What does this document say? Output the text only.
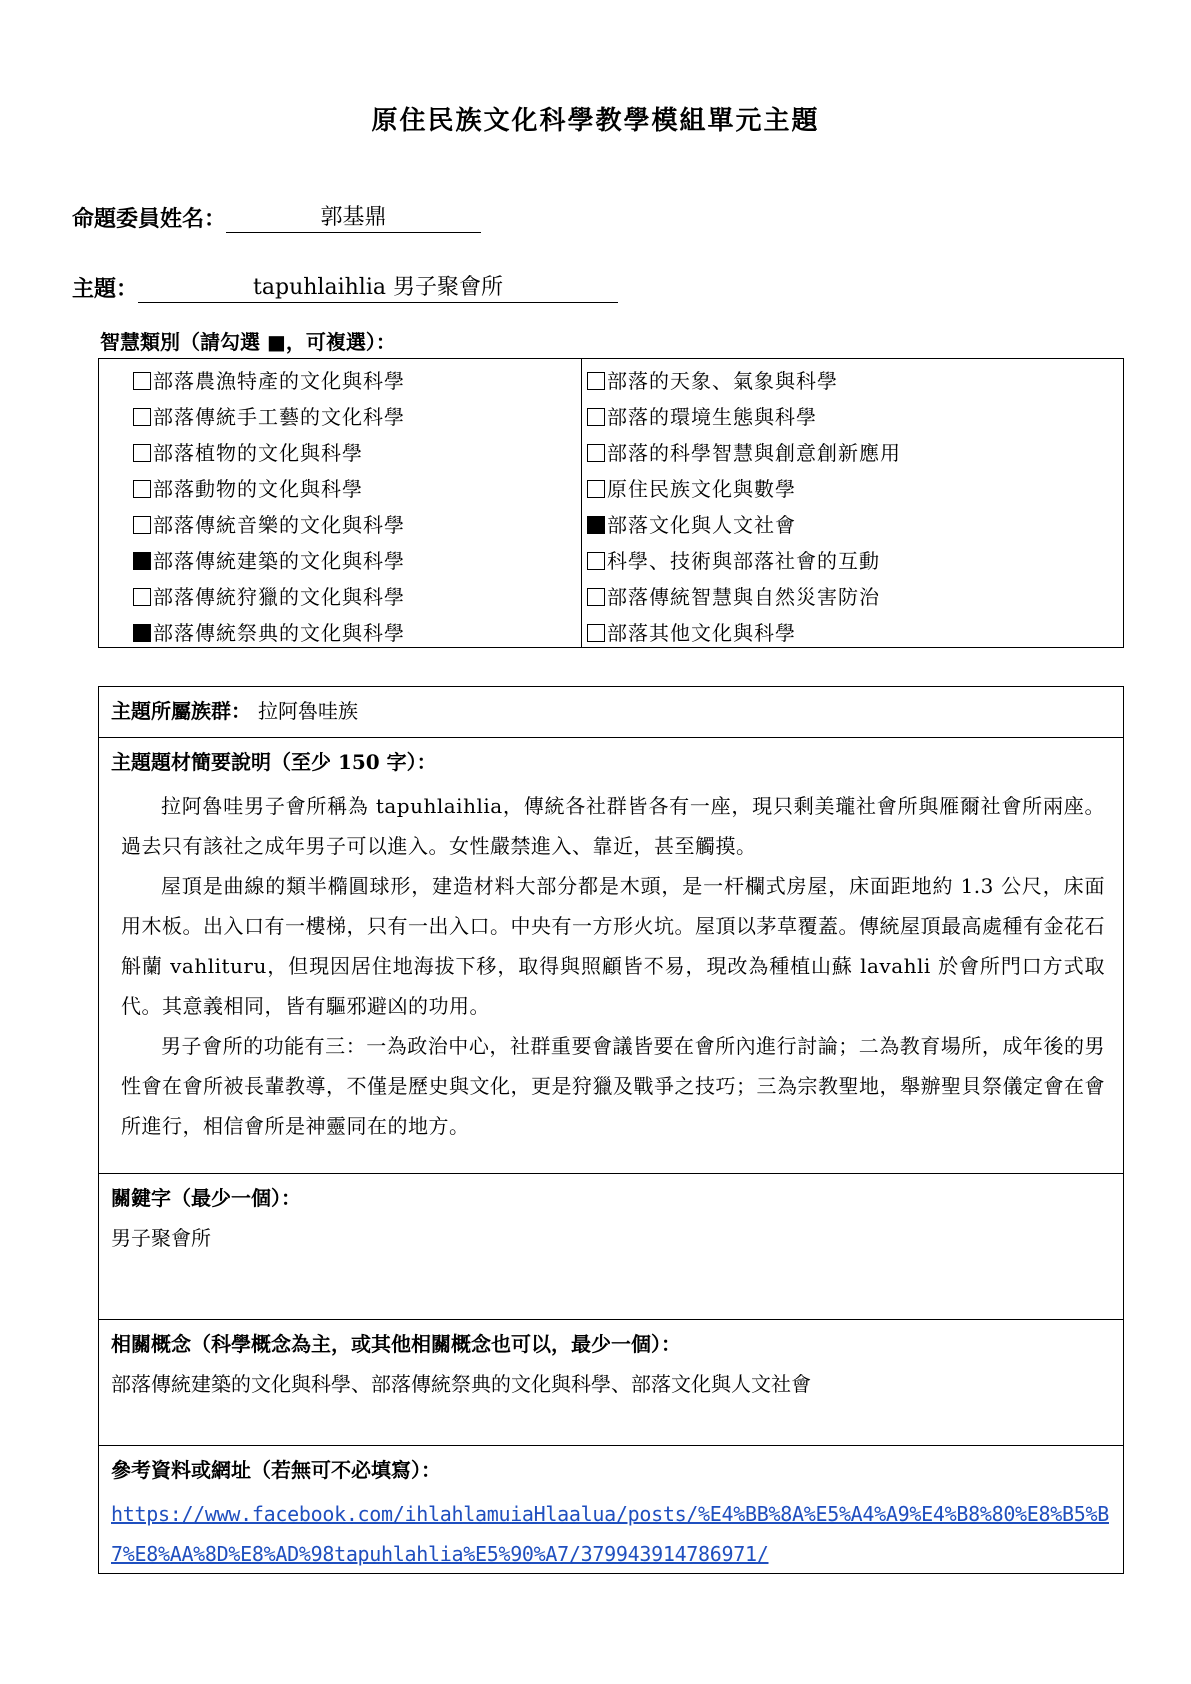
原住民族文化科學教學模組單元主題
命題委員姓名：	郭基鼎
主題：	tapuhlaihlia 男子聚會所
智慧類別（請勾選 ■，可複選）：
部落農漁特產的文化與科學
部落傳統手工藝的文化科學
部落植物的文化與科學
部落動物的文化與科學
部落傳統音樂的文化與科學
部落傳統建築的文化與科學
部落傳統狩獵的文化與科學
部落傳統祭典的文化與科學
部落的天象、氣象與科學
部落的環境生態與科學
部落的科學智慧與創意創新應用
原住民族文化與數學
部落文化與人文社會
科學、技術與部落社會的互動
部落傳統智慧與自然災害防治
部落其他文化與科學
主題所屬族群： 拉阿魯哇族
主題題材簡要說明（至少 150 字）：

拉阿魯哇男子會所稱為 tapuhlaihlia，傳統各社群皆各有一座，現只剩美瓏社會所與雁爾社會所兩座。過去只有該社之成年男子可以進入。女性嚴禁進入、靠近，甚至觸摸。

屋頂是曲線的類半橢圓球形，建造材料大部分都是木頭，是一杆欄式房屋，床面距地約 1.3 公尺，床面用木板。出入口有一樓梯，只有一出入口。中央有一方形火坑。屋頂以茅草覆蓋。傳統屋頂最高處種有金花石斛蘭 vahlituru，但現因居住地海拔下移，取得與照顧皆不易，現改為種植山蘇 lavahli 於會所門口方式取代。其意義相同，皆有驅邪避凶的功用。

男子會所的功能有三：一為政治中心，社群重要會議皆要在會所內進行討論；二為教育場所，成年後的男性會在會所被長輩教導，不僅是歷史與文化，更是狩獵及戰爭之技巧；三為宗教聖地，舉辦聖貝祭儀定會在會所進行，相信會所是神靈同在的地方。

關鍵字（最少一個）：
男子聚會所
相關概念（科學概念為主，或其他相關概念也可以，最少一個）：
部落傳統建築的文化與科學、部落傳統祭典的文化與科學、部落文化與人文社會
參考資料或網址（若無可不必填寫）：
https://www.facebook.com/ihlahlamuiaHlaalua/posts/%E4%BB%8A%E5%A4%A9%E4%B8%80%E8%B5%B7%E8%AA%8D%E8%AD%98tapuhlahlia%E5%90%A7/379943914786971/
